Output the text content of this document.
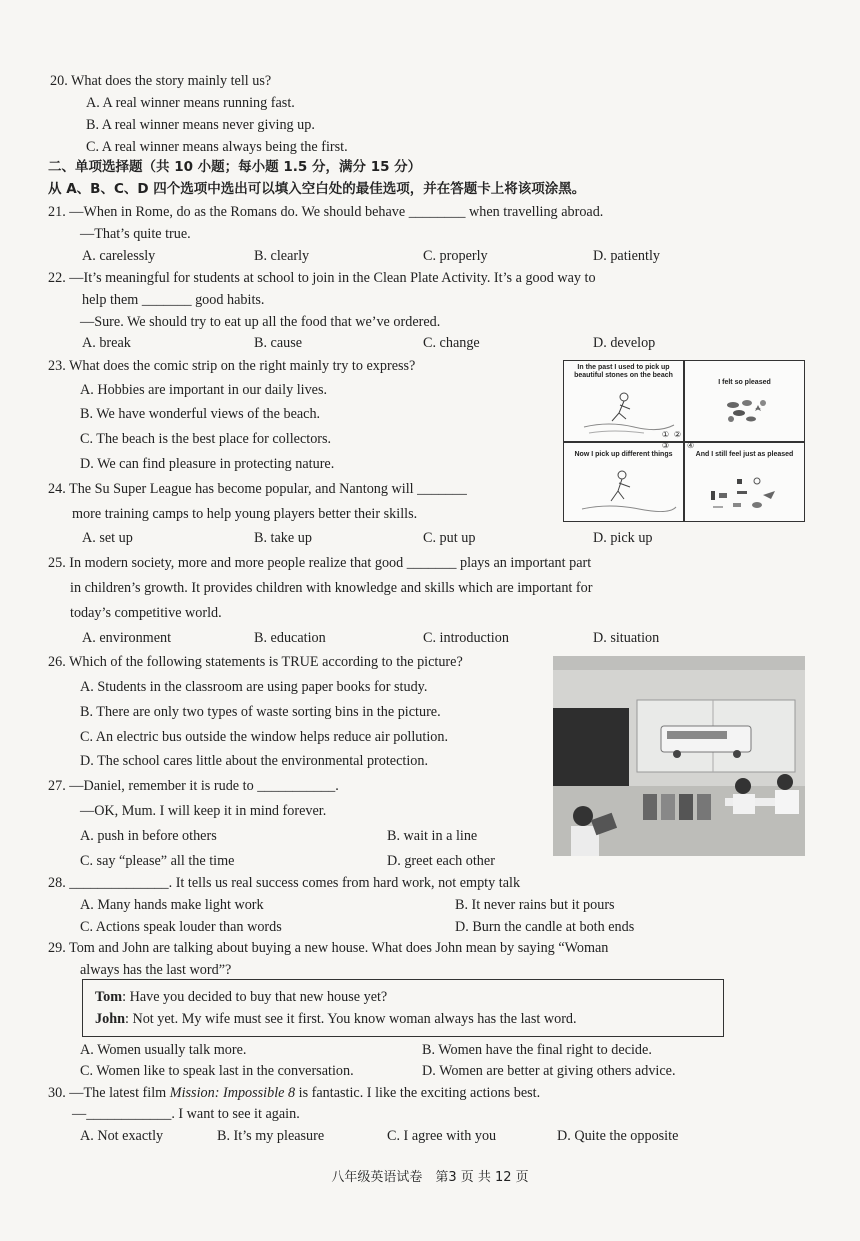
20. What does the story mainly tell us?
A. A real winner means running fast.
B. A real winner means never giving up.
C. A real winner means always being the first.
二、单项选择题（共 10 小题；每小题 1.5 分，满分 15 分）
从 A、B、C、D 四个选项中选出可以填入空白处的最佳选项，并在答题卡上将该项涂黑。
21. —When in Rome, do as the Romans do. We should behave ________ when travelling abroad.
—That’s quite true.
A. carelessly	B. clearly	C. properly	D. patiently
22. —It’s meaningful for students at school to join in the Clean Plate Activity. It’s a good way to
help them _______ good habits.
—Sure. We should try to eat up all the food that we’ve ordered.
A. break	B. cause	C. change	D. develop
23. What does the comic strip on the right mainly try to express?
A. Hobbies are important in our daily lives.
B. We have wonderful views of the beach.
C. The beach is the best place for collectors.
D. We can find pleasure in protecting nature.
In the past I used to pick up beautiful stones on the beach
① ②
I felt so pleased
③
Now I pick up different things
④
And I still feel just as pleased
24. The Su Super League has become popular, and Nantong will _______
more training camps to help young players better their skills.
A. set up	B. take up	C. put up	D. pick up
25. In modern society, more and more people realize that good _______ plays an important part
in children’s growth. It provides children with knowledge and skills which are important for
today’s competitive world.
A. environment	B. education	C. introduction	D. situation
26. Which of the following statements is TRUE according to the picture?
A. Students in the classroom are using paper books for study.
B. There are only two types of waste sorting bins in the picture.
C. An electric bus outside the window helps reduce air pollution.
D. The school cares little about the environmental protection.
27. —Daniel, remember it is rude to ___________.
—OK, Mum. I will keep it in mind forever.
A. push in before others	B. wait in a line
C. say “please” all the time	D. greet each other
28. ______________. It tells us real success comes from hard work, not empty talk
A. Many hands make light work	B. It never rains but it pours
C. Actions speak louder than words	D. Burn the candle at both ends
29. Tom and John are talking about buying a new house. What does John mean by saying “Woman
always has the last word”?
Tom: Have you decided to buy that new house yet?
John: Not yet. My wife must see it first. You know woman always has the last word.
A. Women usually talk more.	B. Women have the final right to decide.
C. Women like to speak last in the conversation.	D. Women are better at giving others advice.
30. —The latest film Mission: Impossible 8 is fantastic. I like the exciting actions best.
—____________. I want to see it again.
A. Not exactly	B. It’s my pleasure	C. I agree with you	D. Quite the opposite
八年级英语试卷　第3 页 共 12 页
